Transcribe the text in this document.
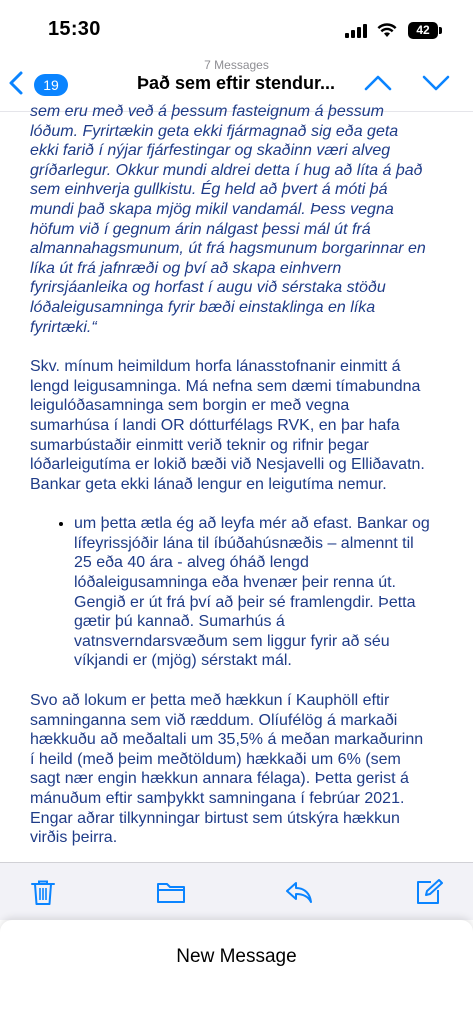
15:30	42
7 Messages
19	Það sem eftir stendur...

sem eru með veð á þessum fasteignum á þessum lóðum. Fyrirtækin geta ekki fjármagnað sig eða geta ekki farið í nýjar fjárfestingar og skaðinn væri alveg gríðarlegur. Okkur mundi aldrei detta í hug að líta á það sem einhverja gullkistu. Ég held að þvert á móti þá mundi það skapa mjög mikil vandamál. Þess vegna höfum við í gegnum árin nálgast þessi mál út frá almannahagsmunum, út frá hagsmunum borgarinnar en líka út frá jafnræði og því að skapa einhvern fyrirsjáanleika og horfast í augu við sérstaka stöðu lóðaleigusamninga fyrir bæði einstaklinga en líka fyrirtæki.“

Skv. mínum heimildum horfa lánasstofnanir einmitt á lengd leigusamninga. Má nefna sem dæmi tímabundna leigulóðasamninga sem borgin er með vegna sumarhúsa í landi OR dótturfélags RVK, en þar hafa sumarbústaðir einmitt verið teknir og rifnir þegar lóðarleigutíma er lokið bæði við Nesjavelli og Elliðavatn. Bankar geta ekki lánað lengur en leigutíma nemur.

• um þetta ætla ég að leyfa mér að efast. Bankar og lífeyrissjóðir lána til íbúðahúsnæðis – almennt til 25 eða 40 ára - alveg óháð lengd lóðaleigusamninga eða hvenær þeir renna út. Gengið er út frá því að þeir sé framlengdir. Þetta gætir þú kannað. Sumarhús á vatnsverndarsvæðum sem liggur fyrir að séu víkjandi er (mjög) sérstakt mál.

Svo að lokum er þetta með hækkun í Kauphöll eftir samninganna sem við ræddum. Olíufélög á markaði hækkuðu að meðaltali um 35,5% á meðan markaðurinn í heild (með þeim meðtöldum) hækkaði um 6% (sem sagt nær engin hækkun annara félaga). Þetta gerist á mánuðum eftir samþykkt samningana í febrúar 2021. Engar aðrar tilkynningar birtust sem útskýra hækkun virðis þeirra.

New Message
